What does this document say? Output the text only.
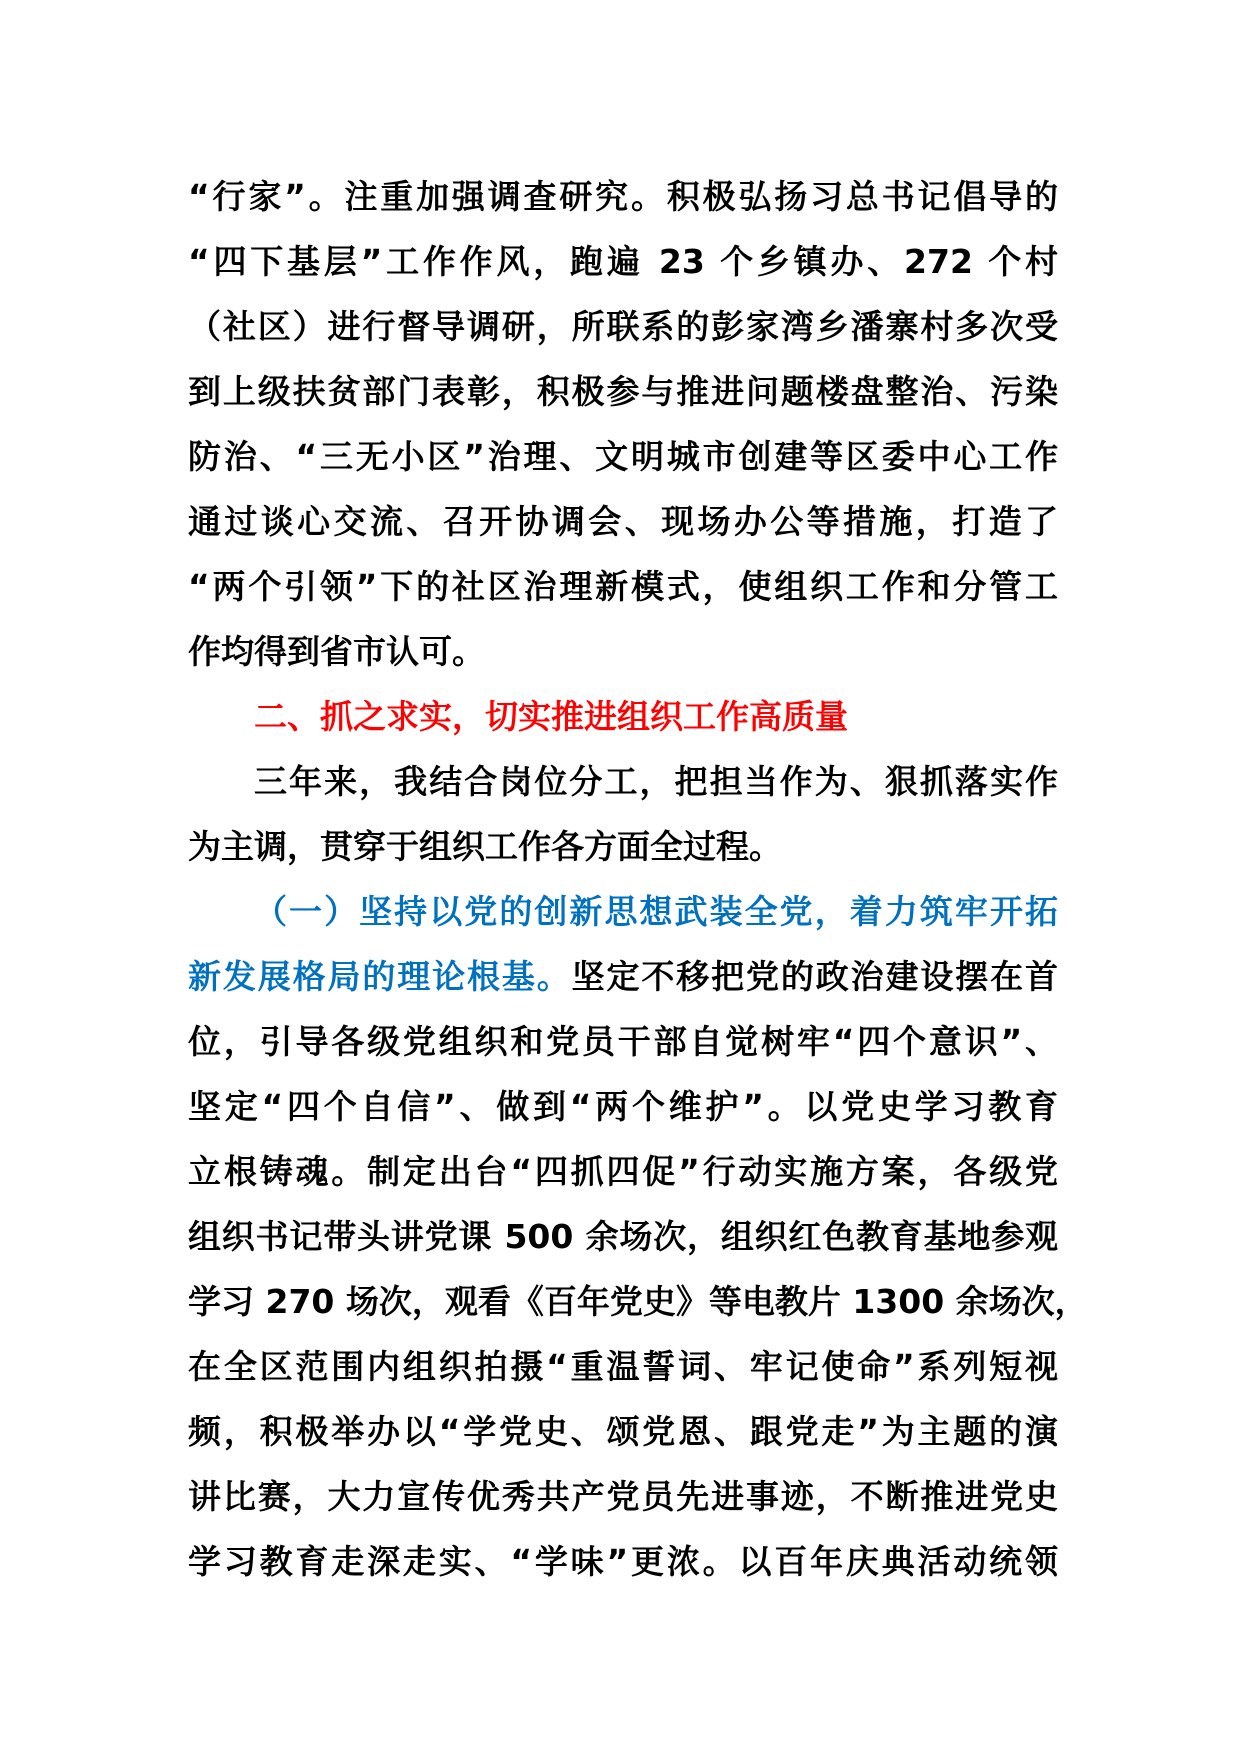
“行家”。注重加强调查研究。积极弘扬习总书记倡导的
“四下基层”工作作风，跑遍 23 个乡镇办、272 个村
（社区）进行督导调研，所联系的彭家湾乡潘寨村多次受
到上级扶贫部门表彰，积极参与推进问题楼盘整治、污染
防治、“三无小区”治理、文明城市创建等区委中心工作
通过谈心交流、召开协调会、现场办公等措施，打造了
“两个引领”下的社区治理新模式，使组织工作和分管工
作均得到省市认可。
二、抓之求实，切实推进组织工作高质量
三年来，我结合岗位分工，把担当作为、狠抓落实作
为主调，贯穿于组织工作各方面全过程。
（一）坚持以党的创新思想武装全党，着力筑牢开拓
新发展格局的理论根基。坚定不移把党的政治建设摆在首
位，引导各级党组织和党员干部自觉树牢“四个意识”、
坚定“四个自信”、做到“两个维护”。以党史学习教育
立根铸魂。制定出台“四抓四促”行动实施方案，各级党
组织书记带头讲党课 500 余场次，组织红色教育基地参观
学习 270 场次，观看《百年党史》等电教片 1300 余场次，
在全区范围内组织拍摄“重温誓词、牢记使命”系列短视
频，积极举办以“学党史、颂党恩、跟党走”为主题的演
讲比赛，大力宣传优秀共产党员先进事迹，不断推进党史
学习教育走深走实、“学味”更浓。以百年庆典活动统领
